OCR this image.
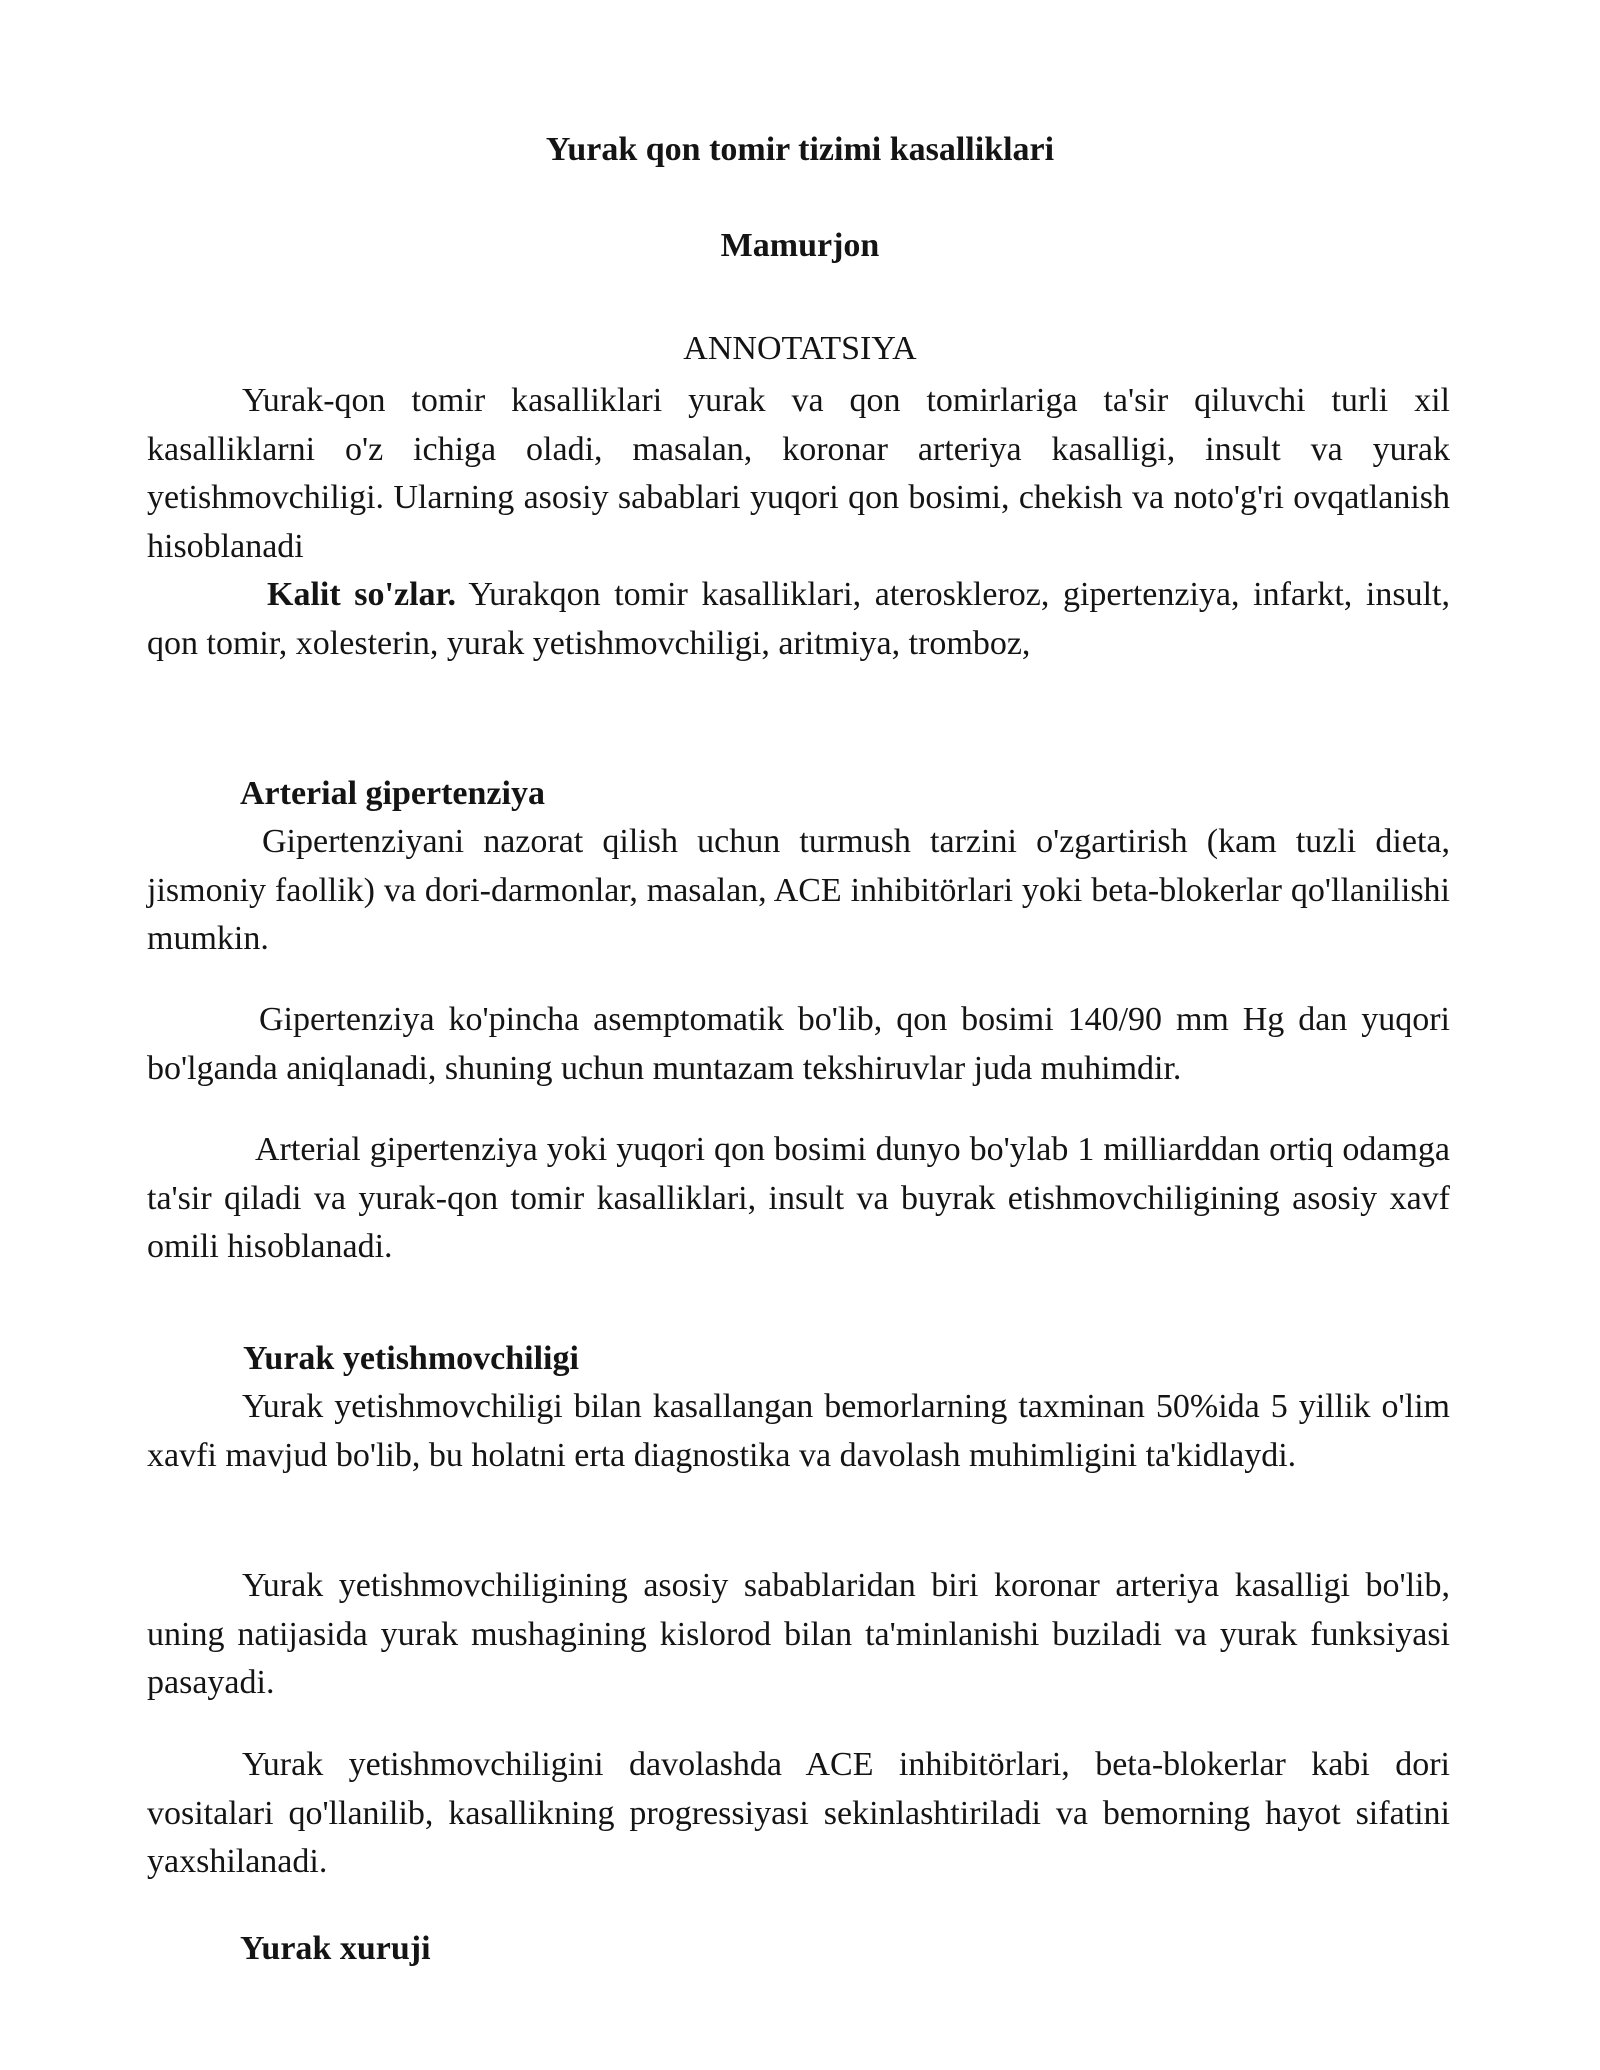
Yurak qon tomir tizimi kasalliklari

Mamurjon

ANNOTATSIYA

Yurak-qon tomir kasalliklari yurak va qon tomirlariga ta'sir qiluvchi turli xil kasalliklarni o'z ichiga oladi, masalan, koronar arteriya kasalligi, insult va yurak yetishmovchiligi. Ularning asosiy sabablari yuqori qon bosimi, chekish va noto'g'ri ovqatlanish hisoblanadi

Kalit so'zlar. Yurakqon tomir kasalliklari, ateroskleroz, gipertenziya, infarkt, insult, qon tomir, xolesterin, yurak yetishmovchiligi, aritmiya, tromboz,

Arterial gipertenziya

Gipertenziyani nazorat qilish uchun turmush tarzini o'zgartirish (kam tuzli dieta, jismoniy faollik) va dori-darmonlar, masalan, ACE inhibitörlari yoki beta-blokerlar qo'llanilishi mumkin.

Gipertenziya ko'pincha asemptomatik bo'lib, qon bosimi 140/90 mm Hg dan yuqori bo'lganda aniqlanadi, shuning uchun muntazam tekshiruvlar juda muhimdir.

Arterial gipertenziya yoki yuqori qon bosimi dunyo bo'ylab 1 milliarddan ortiq odamga ta'sir qiladi va yurak-qon tomir kasalliklari, insult va buyrak etishmovchiligining asosiy xavf omili hisoblanadi.

Yurak yetishmovchiligi

Yurak yetishmovchiligi bilan kasallangan bemorlarning taxminan 50%ida 5 yillik o'lim xavfi mavjud bo'lib, bu holatni erta diagnostika va davolash muhimligini ta'kidlaydi.

Yurak yetishmovchiligining asosiy sabablaridan biri koronar arteriya kasalligi bo'lib, uning natijasida yurak mushagining kislorod bilan ta'minlanishi buziladi va yurak funksiyasi pasayadi.

Yurak yetishmovchiligini davolashda ACE inhibitörlari, beta-blokerlar kabi dori vositalari qo'llanilib, kasallikning progressiyasi sekinlashtiriladi va bemorning hayot sifatini yaxshilanadi.

Yurak xuruji
